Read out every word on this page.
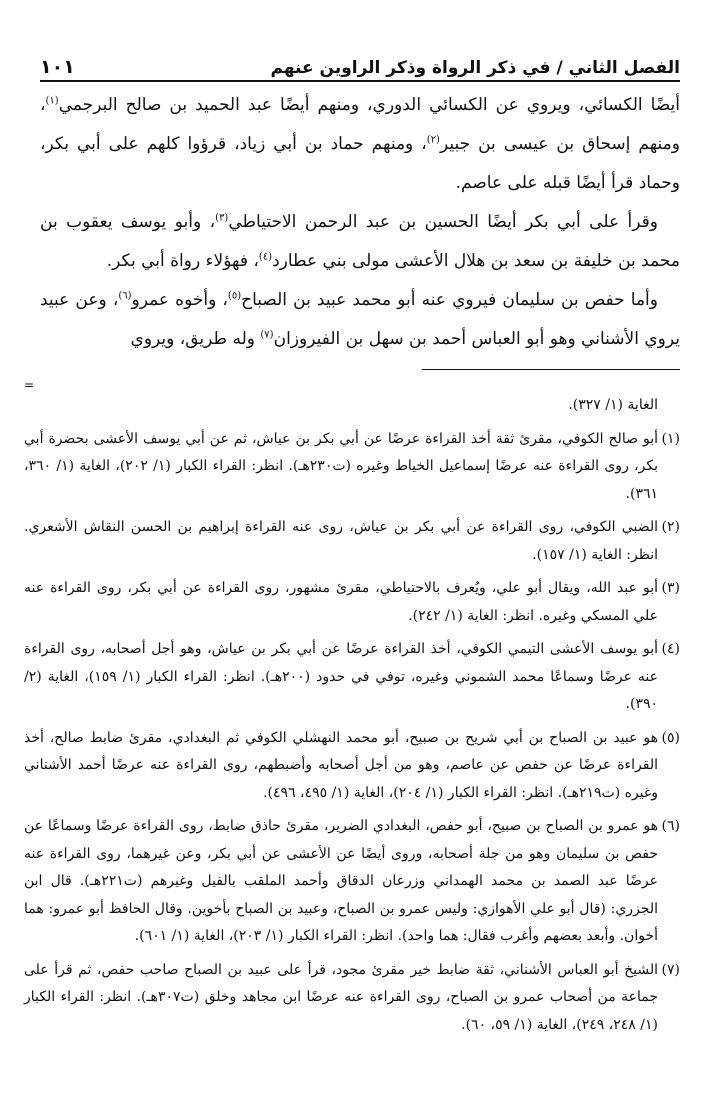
الفصل الثاني / في ذكر الرواة وذكر الراوين عنهم
١٠١

أيضًا الكسائي، ويروي عن الكسائي الدوري، ومنهم أيضًا عبد الحميد بن صالح البرجمي$^{(١)}$، ومنهم إسحاق بن عيسى بن جبير$^{(٢)}$، ومنهم حماد بن أبي زياد، قرؤوا كلهم على أبي بكر، وحماد قرأ أيضًا قبله على عاصم.

وقرأ على أبي بكر أيضًا الحسين بن عبد الرحمن الاحتياطي$^{(٣)}$، وأبو يوسف يعقوب بن محمد بن خليفة بن سعد بن هلال الأعشى مولى بني عطارد$^{(٤)}$، فهؤلاء رواة أبي بكر.

وأما حفص بن سليمان فيروي عنه أبو محمد عبيد بن الصباح$^{(٥)}$، وأخوه عمرو$^{(٦)}$، وعن عبيد يروي الأشناني وهو أبو العباس أحمد بن سهل بن الفيروزان$^{(٧)}$ وله طريق، ويروي

=

الغاية (١/ ٣٢٧).

(١)
أبو صالح الكوفي، مقرئ ثقة أخذ القراءة عرضًا عن أبي بكر بن عياش، ثم عن أبي يوسف الأعشى بحضرة أبي بكر، روى القراءة عنه عرضًا إسماعيل الخياط وغيره (ت٢٣٠هـ). انظر: القراء الكبار (١/ ٢٠٢)، الغاية (١/ ٣٦٠، ٣٦١).
(٢)
الضبي الكوفي، روى القراءة عن أبي بكر بن عياش، روى عنه القراءة إبراهيم بن الحسن النقاش الأشعري. انظر: الغاية (١/ ١٥٧).
(٣)
أبو عبد الله، ويقال أبو علي، ويُعرف بالاحتياطي، مقرئ مشهور، روى القراءة عن أبي بكر، روى القراءة عنه علي المسكي وغيره. انظر: الغاية (١/ ٢٤٢).
(٤)
أبو يوسف الأعشى التيمي الكوفي، أخذ القراءة عرضًا عن أبي بكر بن عياش، وهو أجل أصحابه، روى القراءة عنه عرضًا وسماعًا محمد الشموني وغيره، توفي في حدود (٢٠٠هـ). انظر: القراء الكبار (١/ ١٥٩)، الغاية (٢/ ٣٩٠).
(٥)
هو عبيد بن الصباح بن أبي شريح بن صبيح، أبو محمد النهشلي الكوفي ثم البغدادي، مقرئ ضابط صالح، أخذ القراءة عرضًا عن حفص عن عاصم، وهو من أجل أصحابه وأضبطهم، روى القراءة عنه عرضًا أحمد الأشناني وغيره (ت٢١٩هـ). انظر: القراء الكبار (١/ ٢٠٤)، الغاية (١/ ٤٩٥، ٤٩٦).
(٦)
هو عمرو بن الصباح بن صبيح، أبو حفص، البغدادي الضرير، مقرئ حاذق ضابط، روى القراءة عرضًا وسماعًا عن حفص بن سليمان وهو من جلة أصحابه، وروى أيضًا عن الأعشى عن أبي بكر، وعن غيرهما، روى القراءة عنه عرضًا عبد الصمد بن محمد الهمداني وزرعان الدقاق وأحمد الملقب بالفيل وغيرهم (ت٢٢١هـ). قال ابن الجزري: (قال أبو علي الأهوازي: وليس عمرو بن الصباح، وعبيد بن الصباح بأخوين. وقال الحافظ أبو عمرو: هما أخوان. وأبعد بعضهم وأغرب فقال: هما واحد). انظر: القراء الكبار (١/ ٢٠٣)، الغاية (١/ ٦٠١).
(٧)
الشيخ أبو العباس الأشناني، ثقة ضابط خير مقرئ مجود، قرأ على عبيد بن الصباح صاحب حفص، ثم قرأ على جماعة من أصحاب عمرو بن الصباح، روى القراءة عنه عرضًا ابن مجاهد وخلق (ت٣٠٧هـ). انظر: القراء الكبار (١/ ٢٤٨، ٢٤٩)، الغاية (١/ ٥٩، ٦٠).
